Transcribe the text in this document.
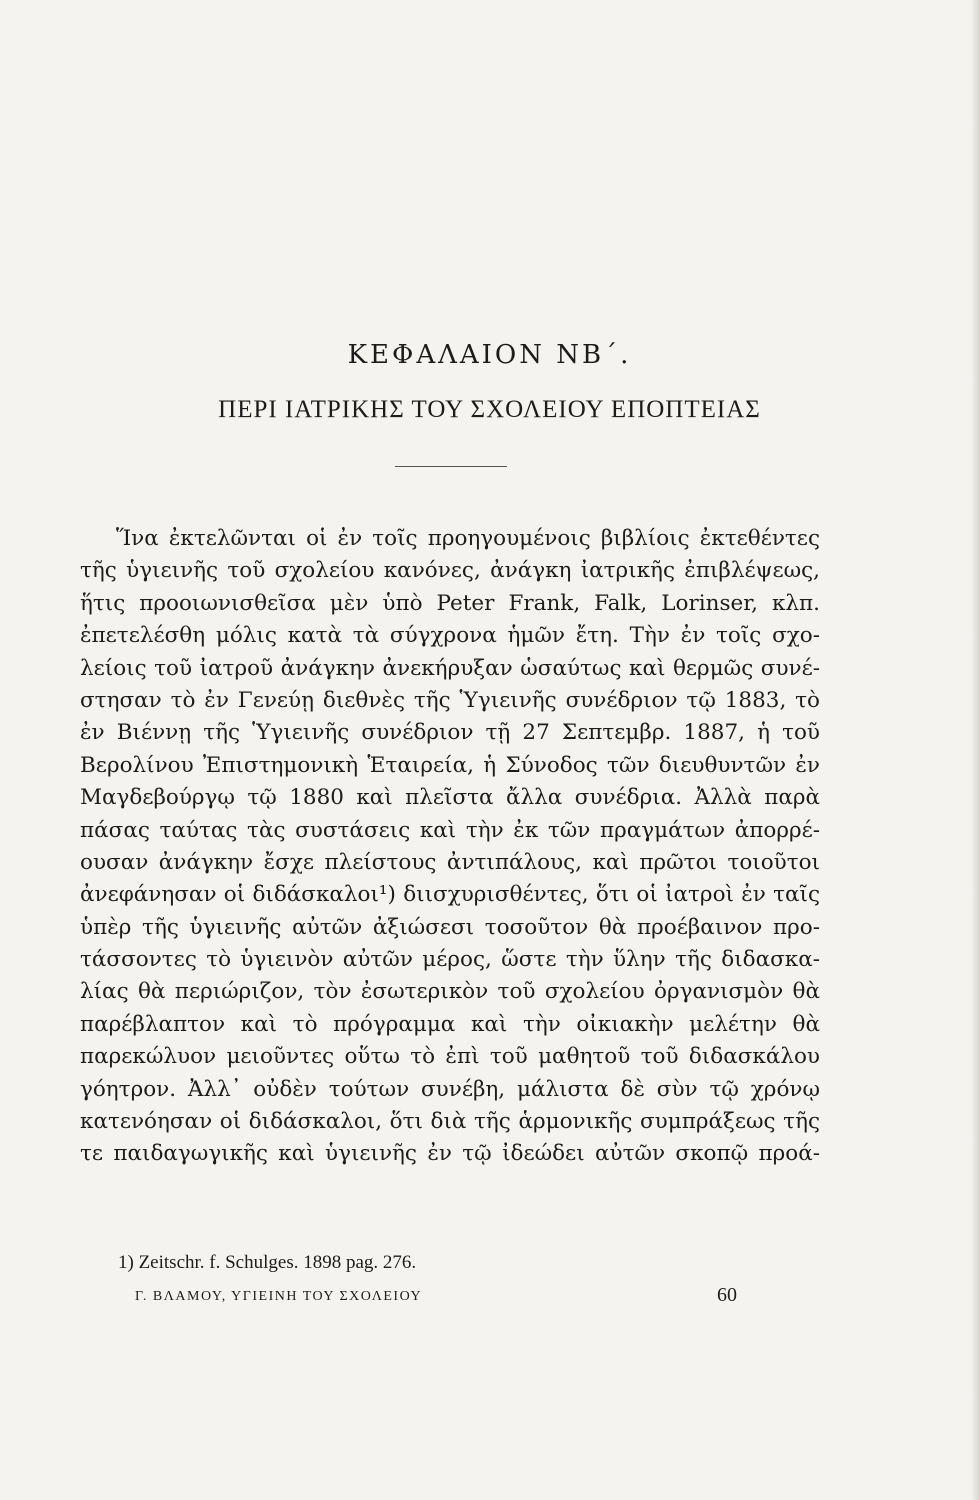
ΚΕΦΑΛΑΙΟΝ ΝΒ΄.
ΠΕΡΙ ΙΑΤΡΙΚΗΣ ΤΟΥ ΣΧΟΛΕΙΟΥ ΕΠΟΠΤΕΙΑΣ
Ἵνα ἐκτελῶνται οἱ ἐν τοῖς προηγουμένοις βιβλίοις ἐκτεθέντες
τῆς ὑγιεινῆς τοῦ σχολείου κανόνες, ἀνάγκη ἰατρικῆς ἐπιβλέψεως,
ἥτις προοιωνισθεῖσα μὲν ὑπὸ Peter Frank, Falk, Lorinser, κλπ.
ἐπετελέσθη μόλις κατὰ τὰ σύγχρονα ἡμῶν ἔτη. Τὴν ἐν τοῖς σχο-
λείοις τοῦ ἰατροῦ ἀνάγκην ἀνεκήρυξαν ὡσαύτως καὶ θερμῶς συνέ-
στησαν τὸ ἐν Γενεύῃ διεθνὲς τῆς Ὑγιεινῆς συνέδριον τῷ 1883, τὸ
ἐν Βιέννῃ τῆς Ὑγιεινῆς συνέδριον τῇ 27 Σεπτεμβρ. 1887, ἡ τοῦ
Βερολίνου Ἐπιστημονικὴ Ἑταιρεία, ἡ Σύνοδος τῶν διευθυντῶν ἐν
Μαγδεβούργῳ τῷ 1880 καὶ πλεῖστα ἄλλα συνέδρια. Ἀλλὰ παρὰ
πάσας ταύτας τὰς συστάσεις καὶ τὴν ἐκ τῶν πραγμάτων ἀπορρέ-
ουσαν ἀνάγκην ἔσχε πλείστους ἀντιπάλους, καὶ πρῶτοι τοιοῦτοι
ἀνεφάνησαν οἱ διδάσκαλοι¹) διισχυρισθέντες, ὅτι οἱ ἰατροὶ ἐν ταῖς
ὑπὲρ τῆς ὑγιεινῆς αὐτῶν ἀξιώσεσι τοσοῦτον θὰ προέβαινον προ-
τάσσοντες τὸ ὑγιεινὸν αὐτῶν μέρος, ὥστε τὴν ὕλην τῆς διδασκα-
λίας θὰ περιώριζον, τὸν ἐσωτερικὸν τοῦ σχολείου ὀργανισμὸν θὰ
παρέβλαπτον καὶ τὸ πρόγραμμα καὶ τὴν οἰκιακὴν μελέτην θὰ
παρεκώλυον μειοῦντες οὕτω τὸ ἐπὶ τοῦ μαθητοῦ τοῦ διδασκάλου
γόητρον. Ἀλλ᾽ οὐδὲν τούτων συνέβη, μάλιστα δὲ σὺν τῷ χρόνῳ
κατενόησαν οἱ διδάσκαλοι, ὅτι διὰ τῆς ἁρμονικῆς συμπράξεως τῆς
τε παιδαγωγικῆς καὶ ὑγιεινῆς ἐν τῷ ἰδεώδει αὐτῶν σκοπῷ προά-
1) Zeitschr. f. Schulges. 1898 pag. 276.
Γ. ΒΛΑΜΟΥ, ΥΓΙΕΙΝΗ ΤΟΥ ΣΧΟΛΕΙΟΥ	60
